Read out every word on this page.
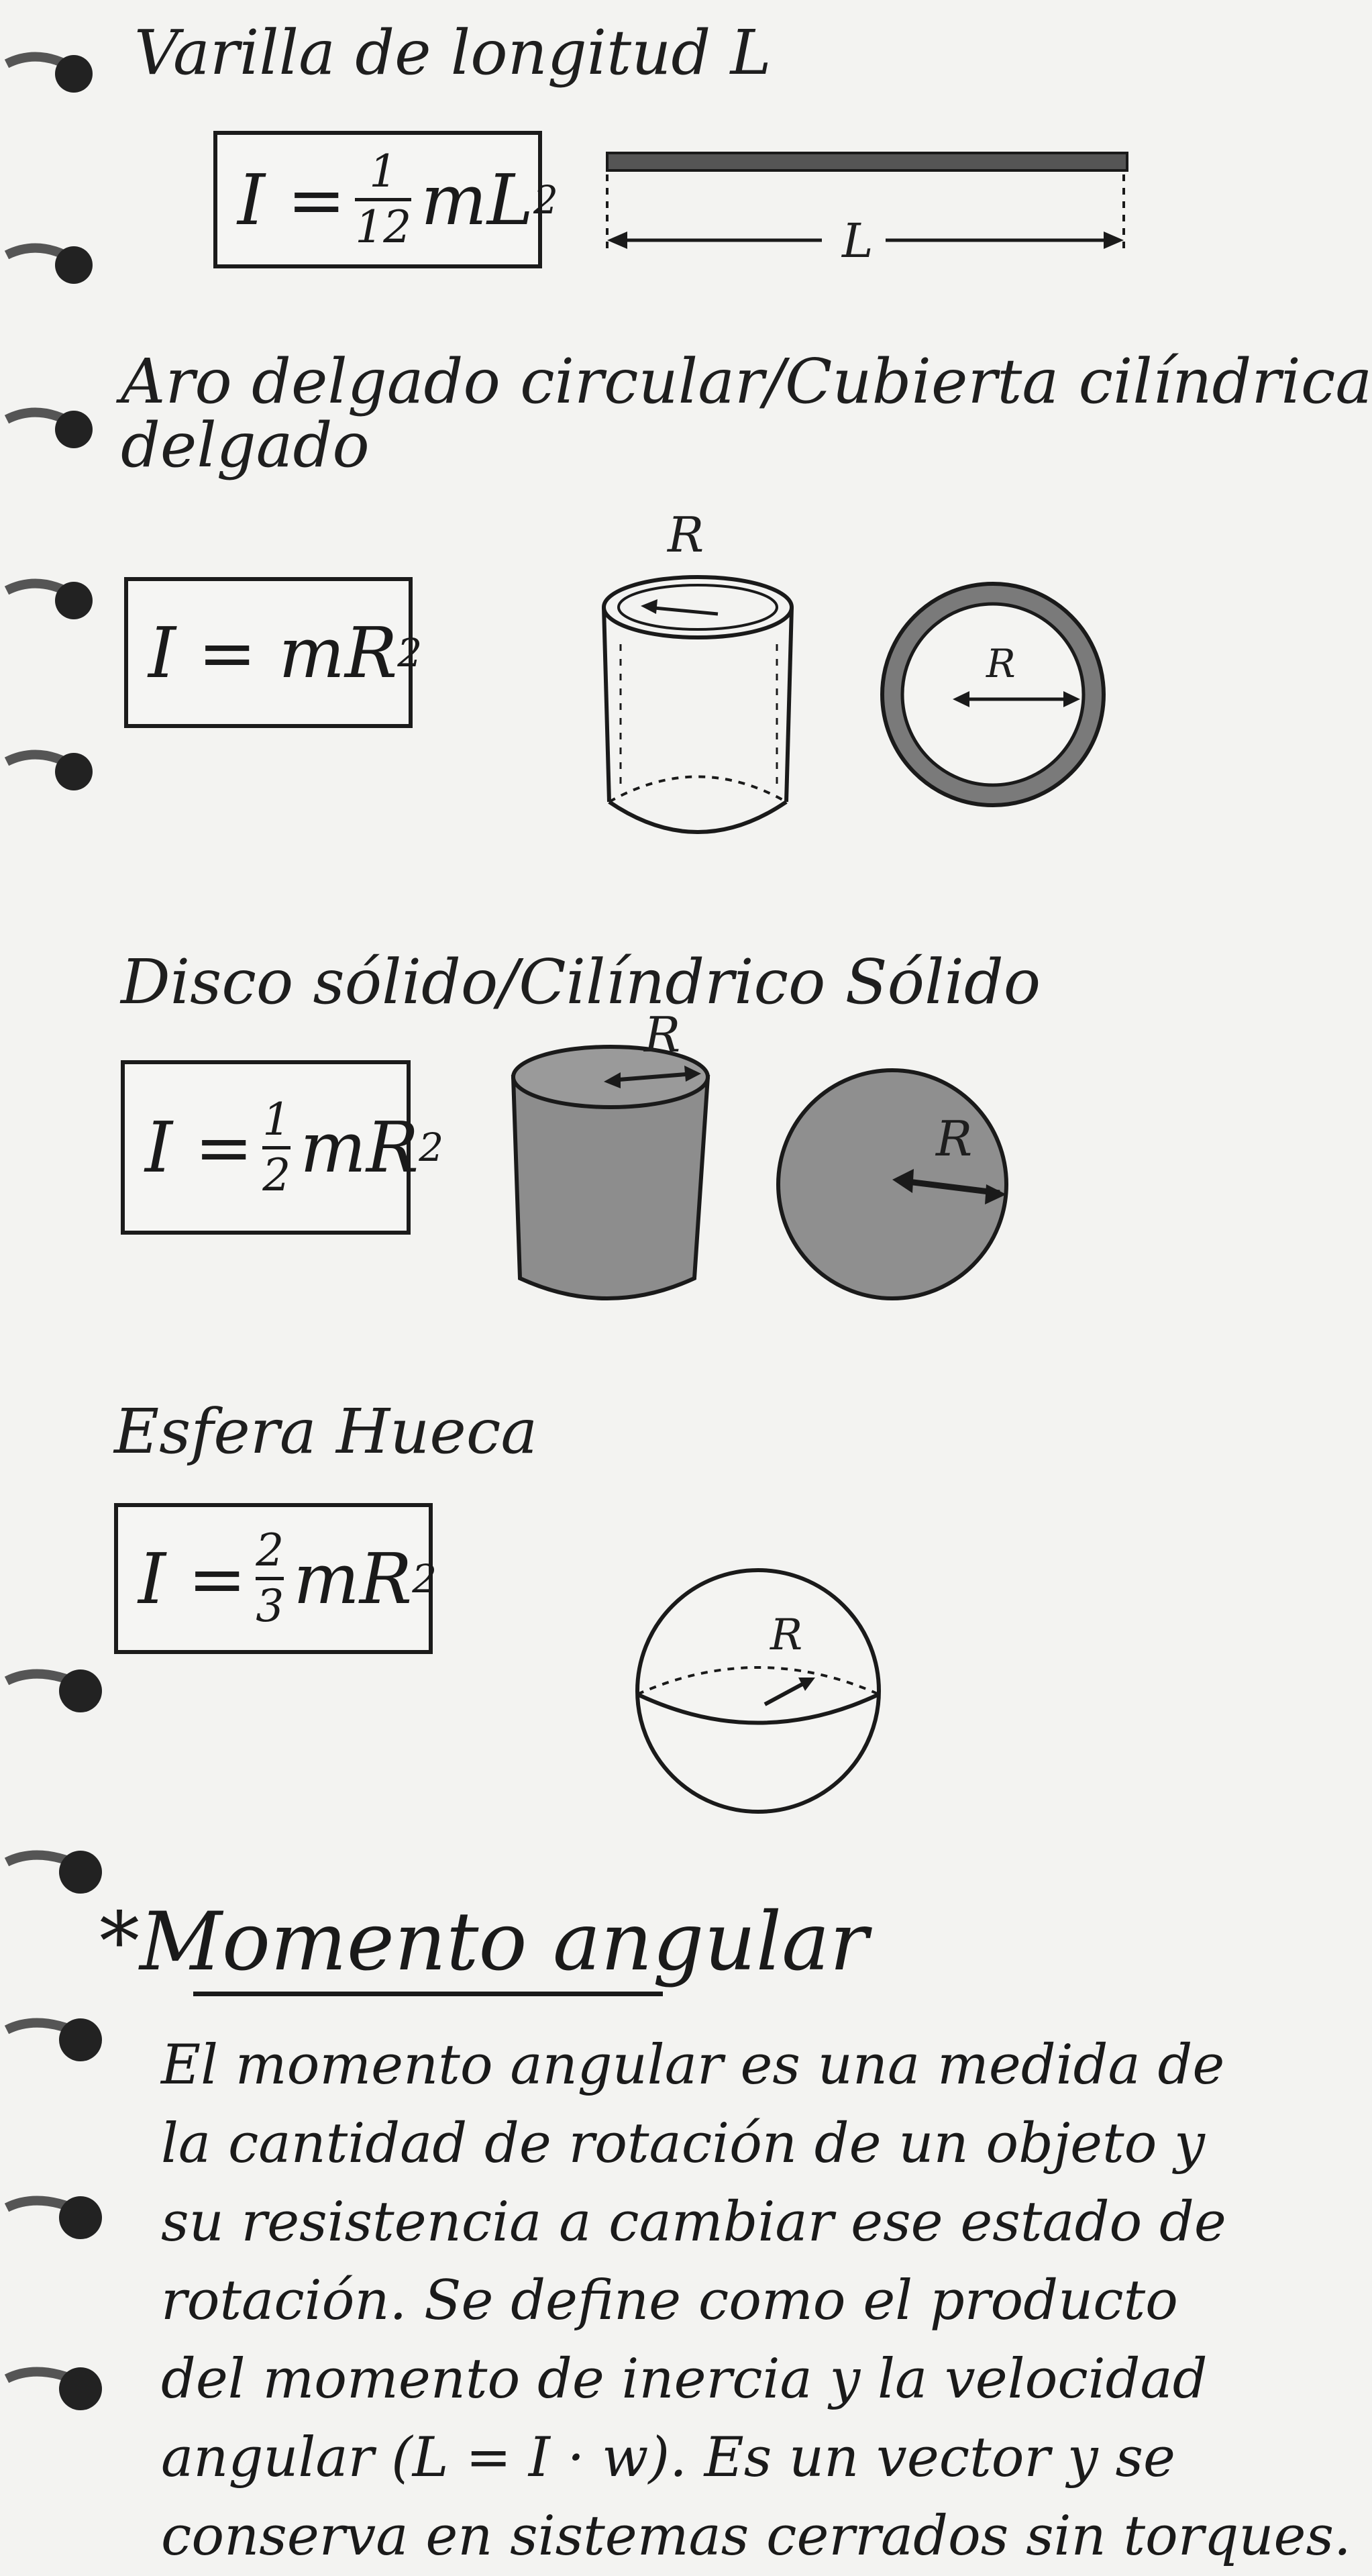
Varilla de longitud L
I = 1
12 mL 2
L
Aro delgado circular/Cubierta cilíndrica
delgado
I =
mR 2
R
R
Disco sólido/Cilíndrico Sólido
I = 1
2 mR 2
R
R
Esfera Hueca
I = 2
3 mR 2
R
*Momento angular
El momento angular es una medida de
la cantidad de rotación de un objeto y
su resistencia a cambiar ese estado de
rotación. Se define como el producto
del momento de inercia y la velocidad
angular (L = I · w). Es un vector y se
conserva en sistemas cerrados sin torques.
